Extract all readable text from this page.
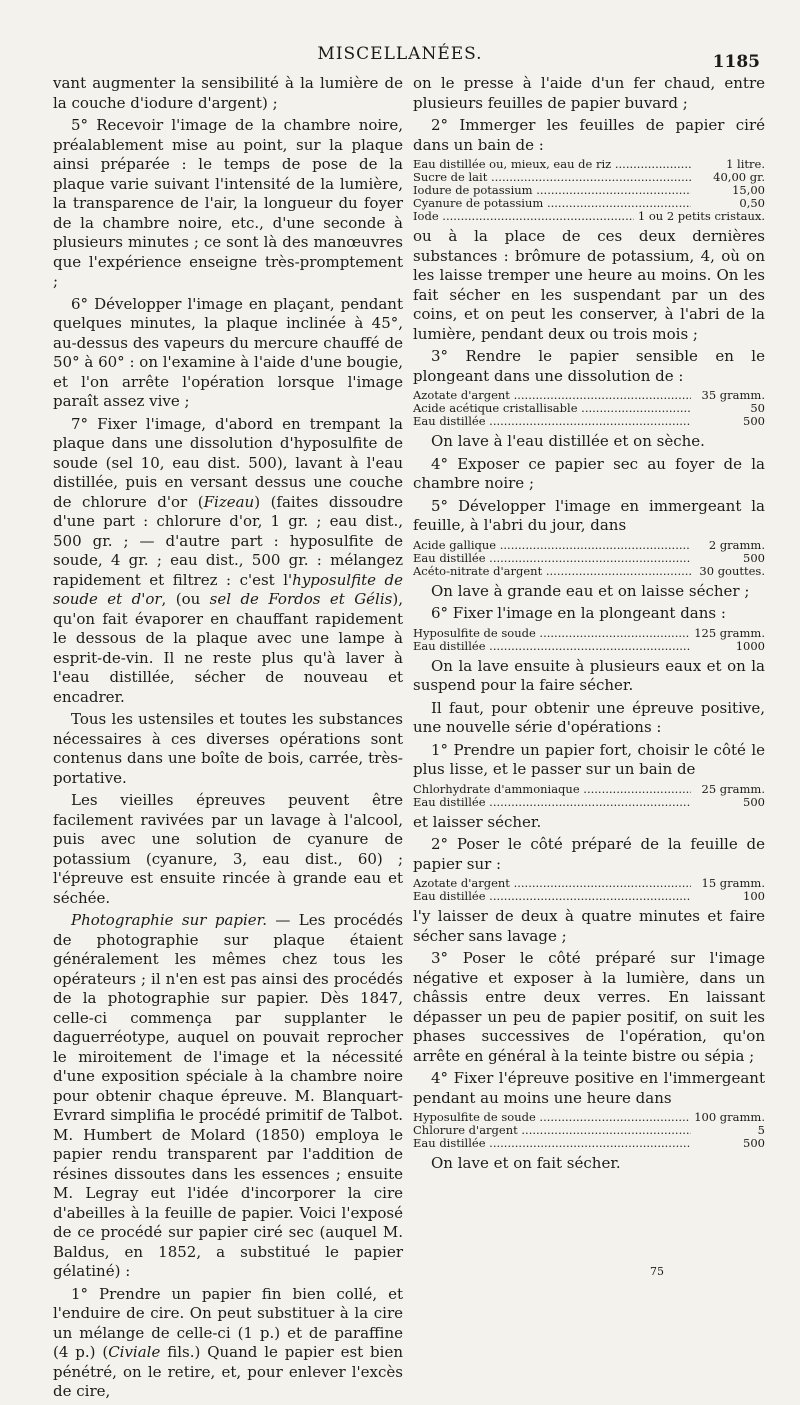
MISCELLANÉES.	1185

vant augmenter la sensibilité à la lumière de la couche d'iodure d'argent) ;

5° Recevoir l'image de la chambre noire, préalablement mise au point, sur la plaque ainsi préparée : le temps de pose de la plaque varie suivant l'intensité de la lumière, la transparence de l'air, la longueur du foyer de la chambre noire, etc., d'une seconde à plusieurs minutes ; ce sont là des manœuvres que l'expérience enseigne très-promptement ;

6° Développer l'image en plaçant, pendant quelques minutes, la plaque inclinée à 45°, au-dessus des vapeurs du mercure chauffé de 50° à 60° : on l'examine à l'aide d'une bougie, et l'on arrête l'opération lorsque l'image paraît assez vive ;

7° Fixer l'image, d'abord en trempant la plaque dans une dissolution d'hyposulfite de soude (sel 10, eau dist. 500), lavant à l'eau distillée, puis en versant dessus une couche de chlorure d'or (Fizeau) (faites dissoudre d'une part : chlorure d'or, 1 gr. ; eau dist., 500 gr. ; — d'autre part : hyposulfite de soude, 4 gr. ; eau dist., 500 gr. : mélangez rapidement et filtrez : c'est l'hyposulfite de soude et d'or, (ou sel de Fordos et Gélis), qu'on fait évaporer en chauffant rapidement le dessous de la plaque avec une lampe à esprit-de-vin. Il ne reste plus qu'à laver à l'eau distillée, sécher de nouveau et encadrer.

Tous les ustensiles et toutes les substances nécessaires à ces diverses opérations sont contenus dans une boîte de bois, carrée, très-portative.

Les vieilles épreuves peuvent être facilement ravivées par un lavage à l'alcool, puis avec une solution de cyanure de potassium (cyanure, 3, eau dist., 60) ; l'épreuve est ensuite rincée à grande eau et séchée.

Photographie sur papier. — Les procédés de photographie sur plaque étaient généralement les mêmes chez tous les opérateurs ; il n'en est pas ainsi des procédés de la photographie sur papier. Dès 1847, celle-ci commença par supplanter le daguerréotype, auquel on pouvait reprocher le miroitement de l'image et la nécessité d'une exposition spéciale à la chambre noire pour obtenir chaque épreuve. M. Blanquart-Evrard simplifia le procédé primitif de Talbot. M. Humbert de Molard (1850) employa le papier rendu transparent par l'addition de résines dissoutes dans les essences ; ensuite M. Legray eut l'idée d'incorporer la cire d'abeilles à la feuille de papier. Voici l'exposé de ce procédé sur papier ciré sec (auquel M. Baldus, en 1852, a substitué le papier gélatiné) :

1° Prendre un papier fin bien collé, et l'enduire de cire. On peut substituer à la cire un mélange de celle-ci (1 p.) et de paraffine (4 p.) (Civiale fils.) Quand le papier est bien pénétré, on le retire, et, pour enlever l'excès de cire,

on le presse à l'aide d'un fer chaud, entre plusieurs feuilles de papier buvard ;

2° Immerger les feuilles de papier ciré dans un bain de :

Eau distillée ou, mieux, eau de riz .....	1 litre.
Sucre de lait .....	40,00 gr.
Iodure de potassium .....	15,00
Cyanure de potassium .....	0,50
Iode .....	1 ou 2 petits cristaux.

ou à la place de ces deux dernières substances : brômure de potassium, 4, où on les laisse tremper une heure au moins. On les fait sécher en les suspendant par un des coins, et on peut les conserver, à l'abri de la lumière, pendant deux ou trois mois ;

3° Rendre le papier sensible en le plongeant dans une dissolution de :

Azotate d'argent .....	35 gramm.
Acide acétique cristallisable .....	50
Eau distillée .....	500

On lave à l'eau distillée et on sèche.

4° Exposer ce papier sec au foyer de la chambre noire ;

5° Développer l'image en immergeant la feuille, à l'abri du jour, dans

Acide gallique .....	2 gramm.
Eau distillée .....	500
Acéto-nitrate d'argent .....	30 gouttes.

On lave à grande eau et on laisse sécher ;

6° Fixer l'image en la plongeant dans :

Hyposulfite de soude .....	125 gramm.
Eau distillée .....	1000

On la lave ensuite à plusieurs eaux et on la suspend pour la faire sécher.

Il faut, pour obtenir une épreuve positive, une nouvelle série d'opérations :

1° Prendre un papier fort, choisir le côté le plus lisse, et le passer sur un bain de

Chlorhydrate d'ammoniaque .....	25 gramm.
Eau distillée .....	500

et laisser sécher.

2° Poser le côté préparé de la feuille de papier sur :

Azotate d'argent .....	15 gramm.
Eau distillée .....	100

l'y laisser de deux à quatre minutes et faire sécher sans lavage ;

3° Poser le côté préparé sur l'image négative et exposer à la lumière, dans un châssis entre deux verres. En laissant dépasser un peu de papier positif, on suit les phases successives de l'opération, qu'on arrête en général à la teinte bistre ou sépia ;

4° Fixer l'épreuve positive en l'immergeant pendant au moins une heure dans

Hyposulfite de soude .....	100 gramm.
Chlorure d'argent .....	5
Eau distillée .....	500

On lave et on fait sécher.

75
